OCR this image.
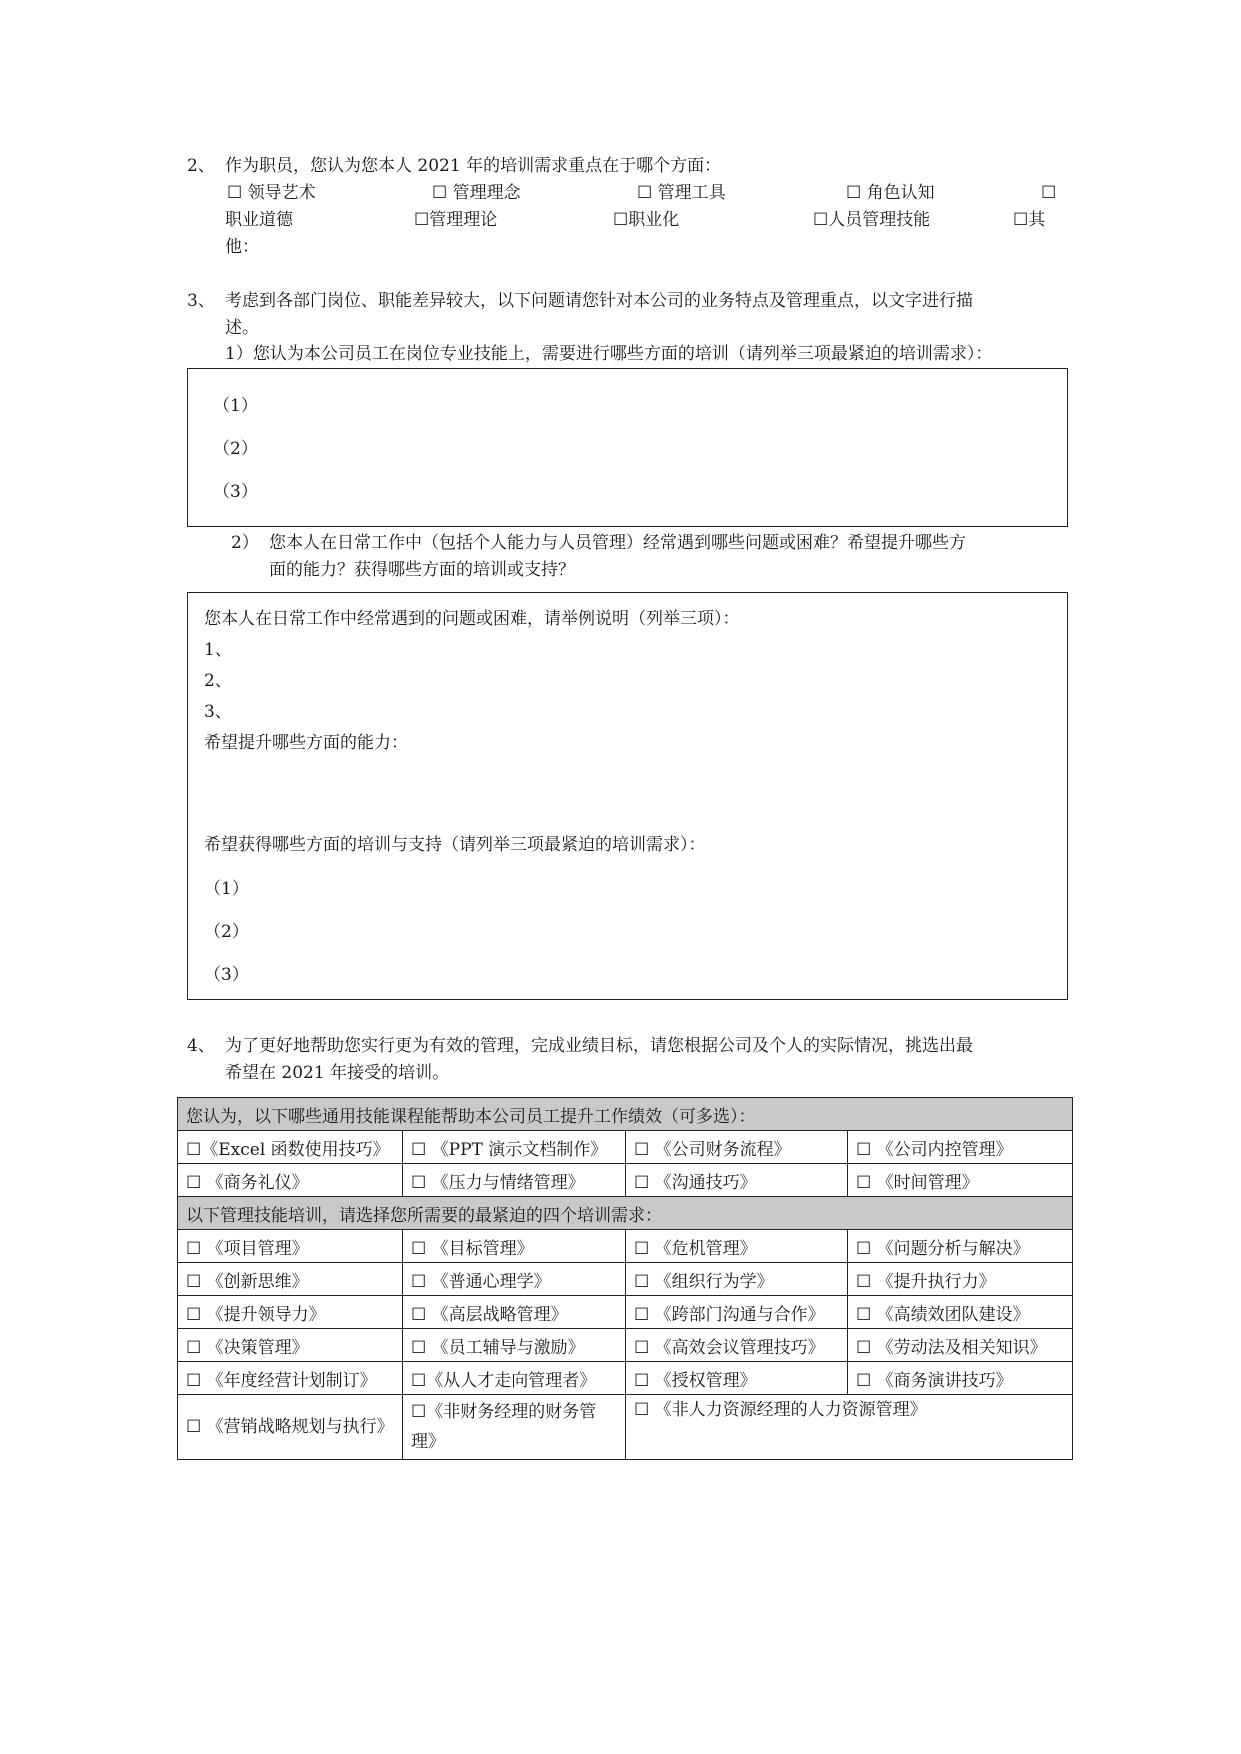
2、 作为职员，您认为您本人 2021 年的培训需求重点在于哪个方面：
☐ 领导艺术	☐ 管理理念	☐ 管理工具	☐ 角色认知	☐
职业道德	☐管理理论	☐职业化	☐人员管理技能	☐其
他：
3、 考虑到各部门岗位、职能差异较大，以下问题请您针对本公司的业务特点及管理重点，以文字进行描
述。
1）您认为本公司员工在岗位专业技能上，需要进行哪些方面的培训（请列举三项最紧迫的培训需求）：
（1）
（2）
（3）
2） 您本人在日常工作中（包括个人能力与人员管理）经常遇到哪些问题或困难？希望提升哪些方
面的能力？获得哪些方面的培训或支持？
您本人在日常工作中经常遇到的问题或困难，请举例说明（列举三项）：
1、
2、
3、
希望提升哪些方面的能力：
希望获得哪些方面的培训与支持（请列举三项最紧迫的培训需求）：
（1）
（2）
（3）
4、 为了更好地帮助您实行更为有效的管理，完成业绩目标，请您根据公司及个人的实际情况，挑选出最
希望在 2021 年接受的培训。
您认为，以下哪些通用技能课程能帮助本公司员工提升工作绩效（可多选）：			
☐《Excel 函数使用技巧》	☐ 《PPT 演示文档制作》	☐ 《公司财务流程》	☐ 《公司内控管理》
☐ 《商务礼仪》	☐ 《压力与情绪管理》	☐ 《沟通技巧》	☐ 《时间管理》
以下管理技能培训，请选择您所需要的最紧迫的四个培训需求：			
☐ 《项目管理》	☐ 《目标管理》	☐ 《危机管理》	☐ 《问题分析与解决》
☐ 《创新思维》	☐ 《普通心理学》	☐ 《组织行为学》	☐ 《提升执行力》
☐ 《提升领导力》	☐ 《高层战略管理》	☐ 《跨部门沟通与合作》	☐ 《高绩效团队建设》
☐ 《决策管理》	☐ 《员工辅导与激励》	☐ 《高效会议管理技巧》	☐ 《劳动法及相关知识》
☐ 《年度经营计划制订》	☐《从人才走向管理者》	☐ 《授权管理》	☐ 《商务演讲技巧》
☐ 《营销战略规划与执行》	☐《非财务经理的财务管理》	☐ 《非人力资源经理的人力资源管理》	
